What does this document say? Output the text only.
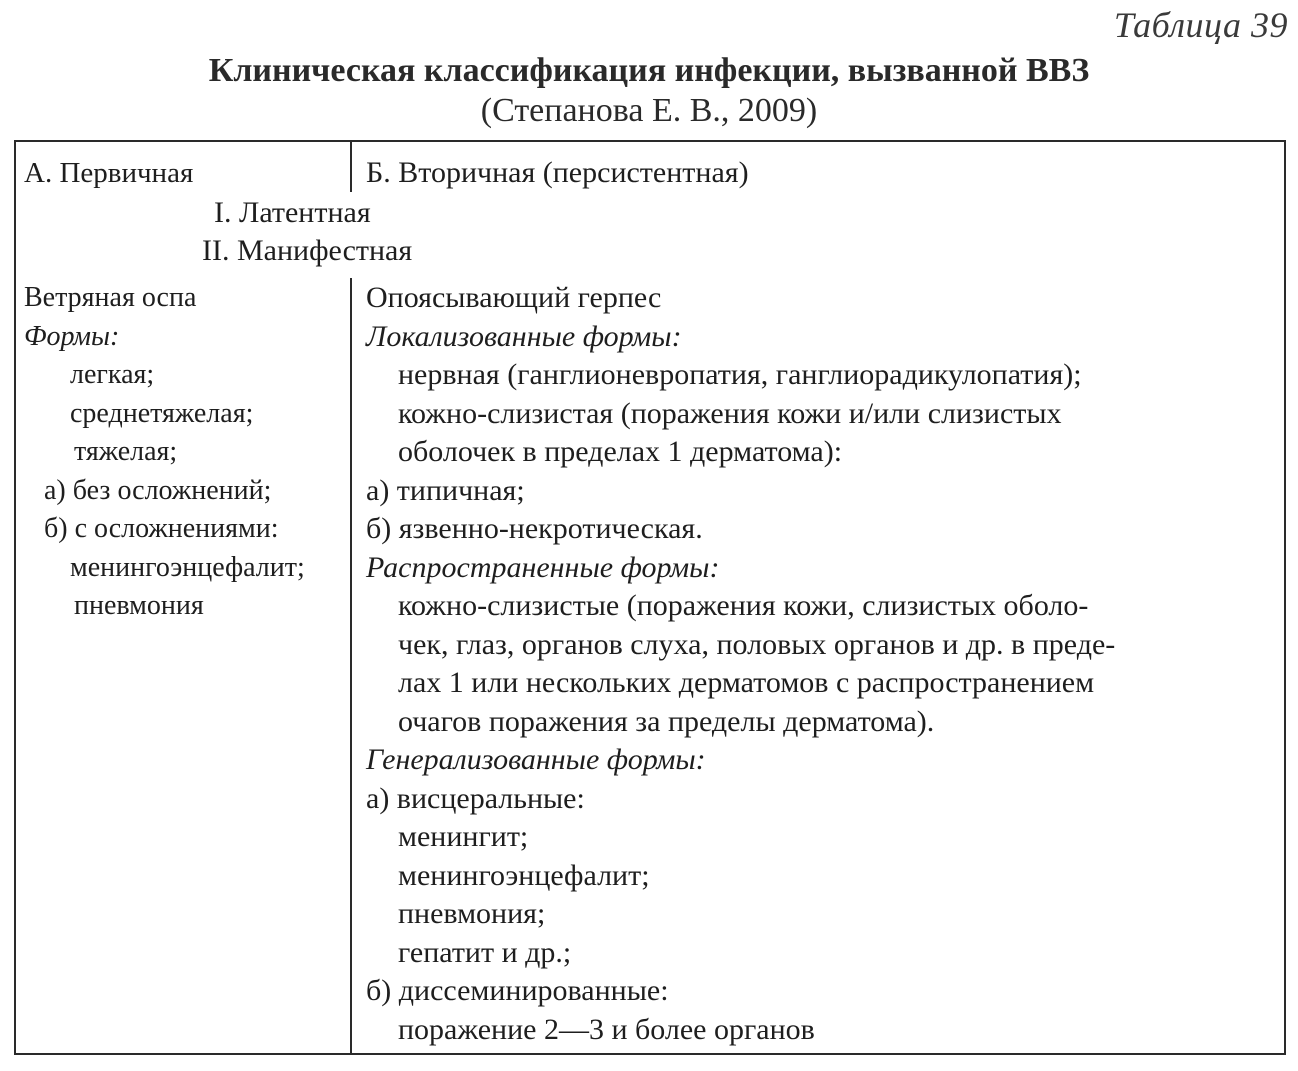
Таблица 39
Клиническая классификация инфекции, вызванной ВВЗ
(Степанова Е. В., 2009)
А. Первичная	Б. Вторичная (персистентная)
I. Латентная
II. Манифестная
Ветряная оспа
Формы:
легкая;
среднетяжелая;
тяжелая;
а) без осложнений;
б) с осложнениями:
менингоэнцефалит;
пневмония
Опоясывающий герпес
Локализованные формы:
нервная (ганглионевропатия, ганглиорадикулопатия);
кожно-слизистая (поражения кожи и/или слизистых
оболочек в пределах 1 дерматома):
а) типичная;
б) язвенно-некротическая.
Распространенные формы:
кожно-слизистые (поражения кожи, слизистых оболо-
чек, глаз, органов слуха, половых органов и др. в преде-
лах 1 или нескольких дерматомов с распространением
очагов поражения за пределы дерматома).
Генерализованные формы:
а) висцеральные:
менингит;
менингоэнцефалит;
пневмония;
гепатит и др.;
б) диссеминированные:
поражение 2—3 и более органов
